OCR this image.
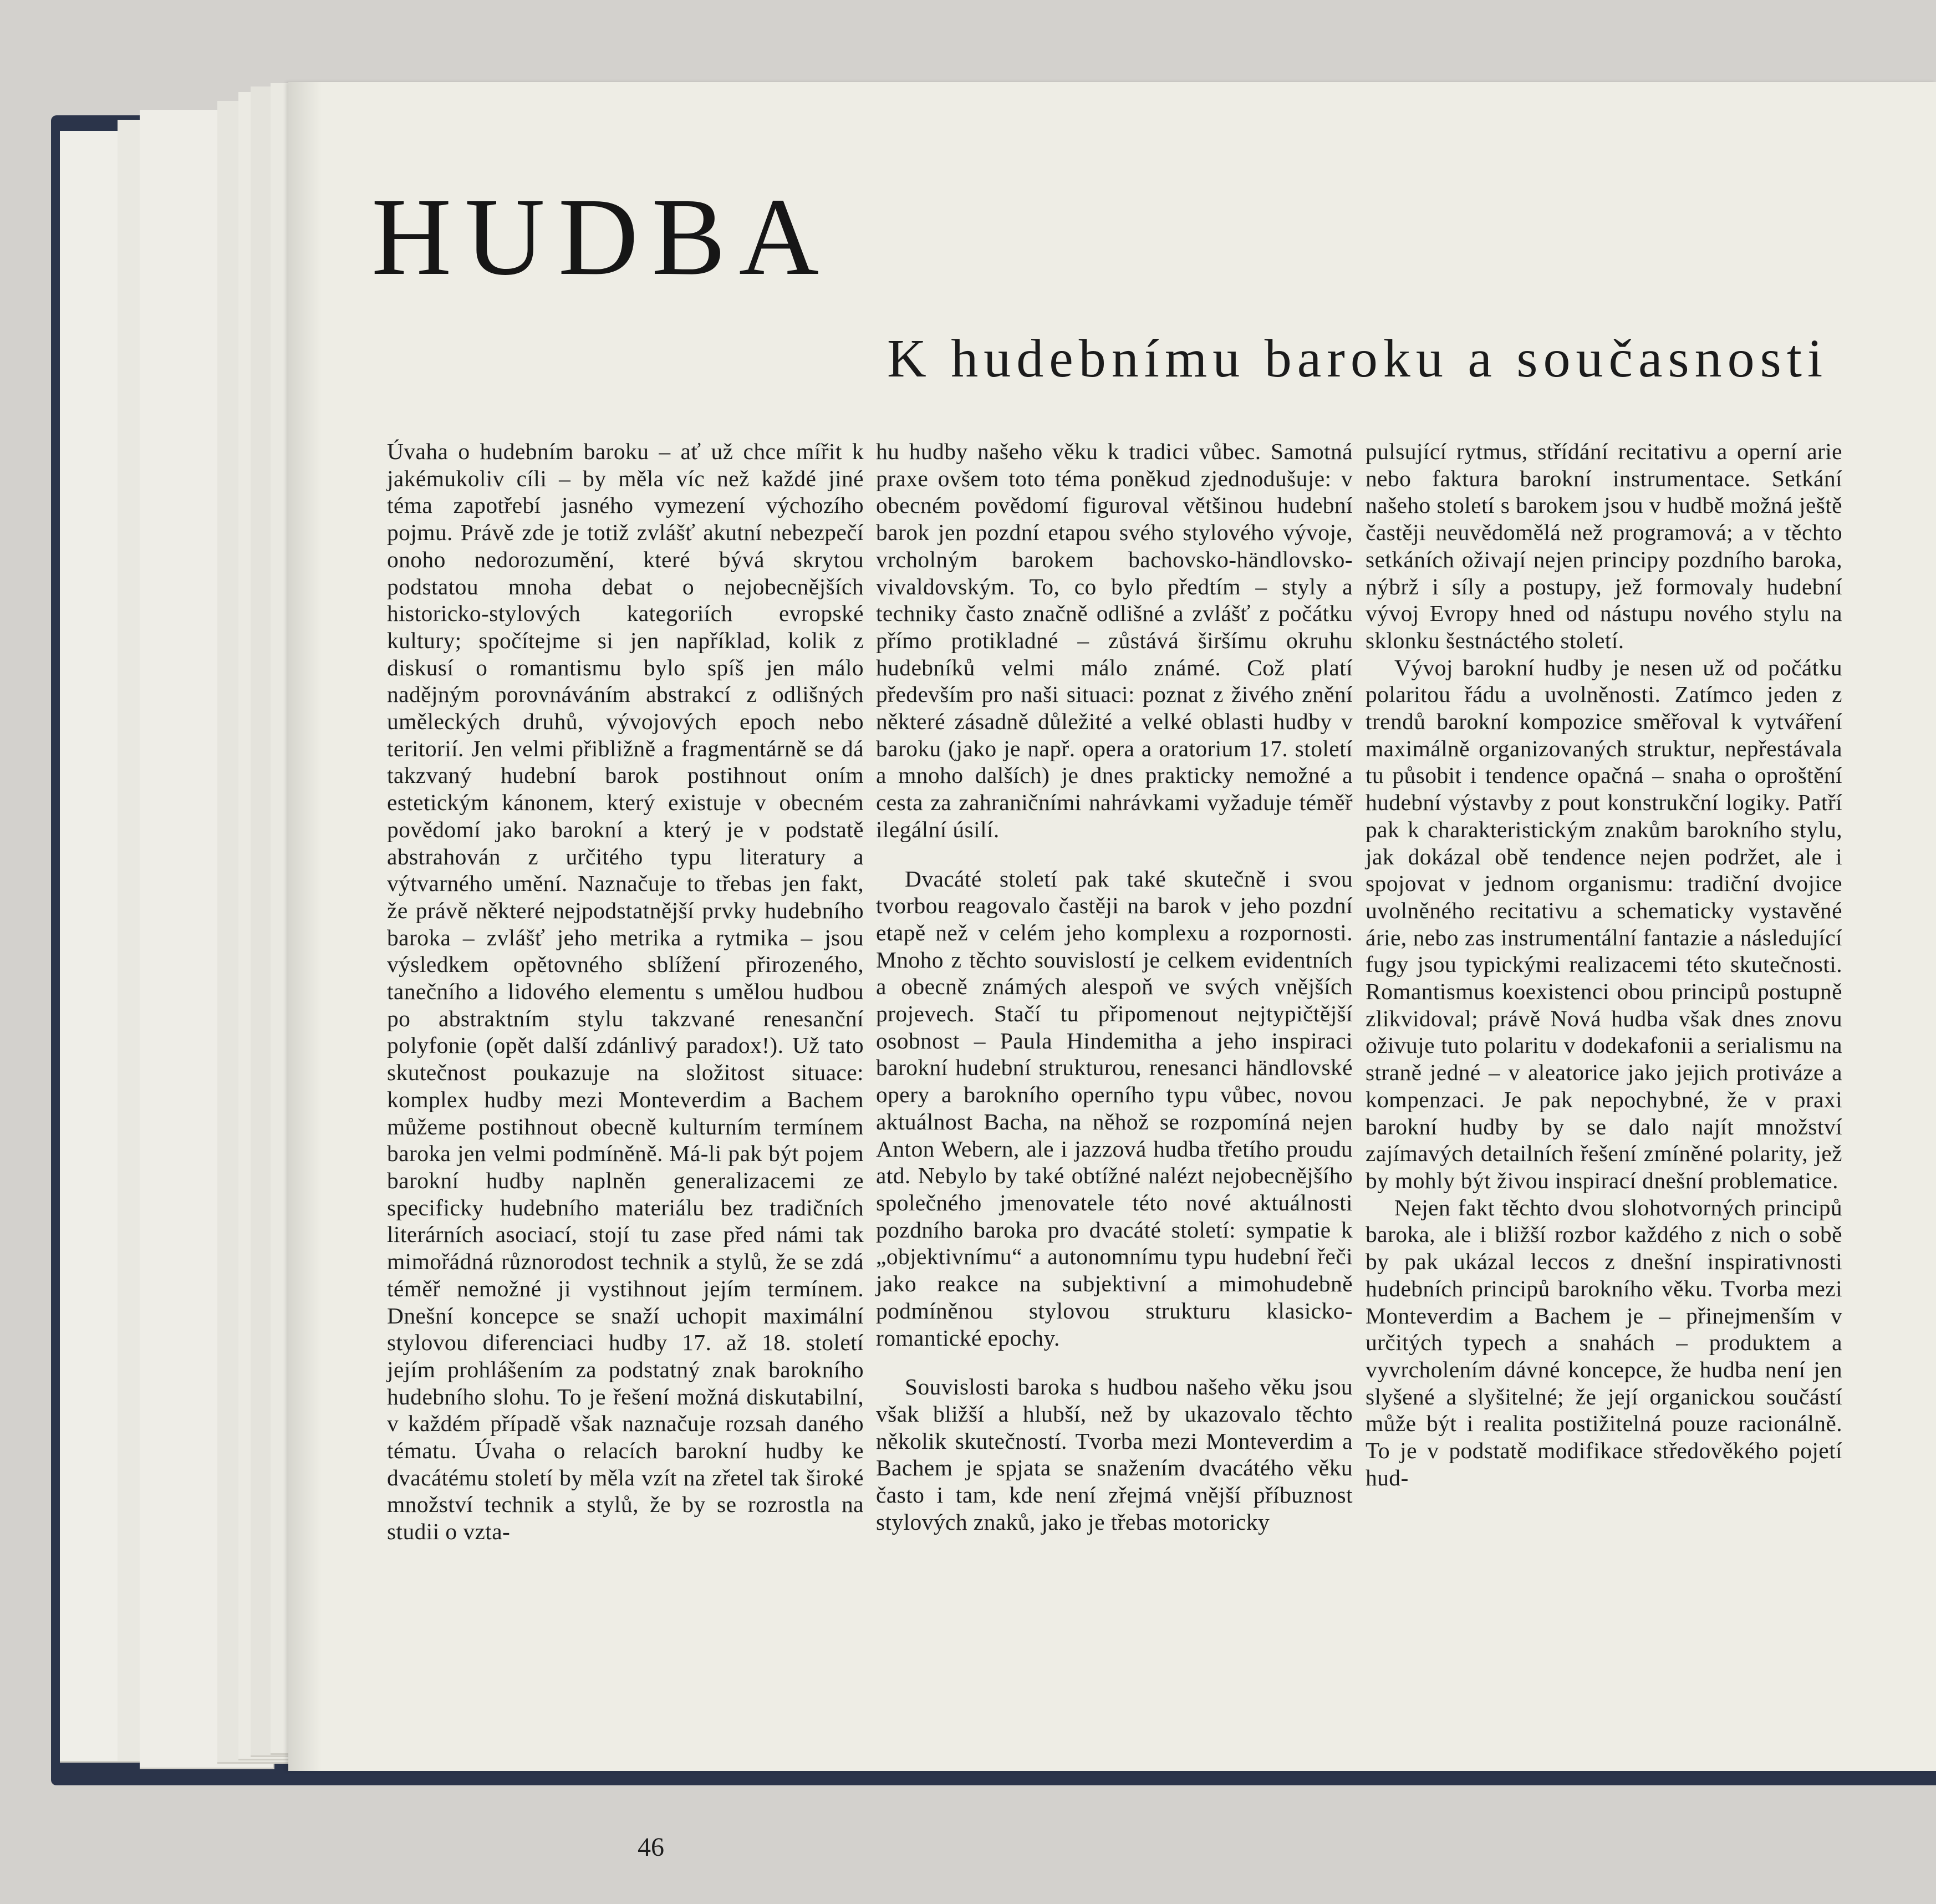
HUDBA
K hudebnímu baroku a současnosti

Úvaha o hudebním baroku – ať už chce mířit k jakémukoliv cíli – by měla víc než každé jiné téma zapotřebí jasného vymezení výchozího pojmu. Právě zde je totiž zvlášť akutní nebezpečí onoho nedorozumění, které bývá skrytou podstatou mnoha debat o nejobecnějších historicko-stylových kategoriích evropské kultury; spočítejme si jen například, kolik z diskusí o romantismu bylo spíš jen málo nadějným porovnáváním abstrakcí z odlišných uměleckých druhů, vývojových epoch nebo teritorií. Jen velmi přibližně a fragmentárně se dá takzvaný hudební barok postihnout oním estetickým kánonem, který existuje v obecném povědomí jako barokní a který je v podstatě abstrahován z určitého typu literatury a výtvarného umění. Naznačuje to třebas jen fakt, že právě některé nejpodstatnější prvky hudebního baroka – zvlášť jeho metrika a rytmika – jsou výsledkem opětovného sblížení přirozeného, tanečního a lidového elementu s umělou hudbou po abstraktním stylu takzvané renesanční polyfonie (opět další zdánlivý paradox!). Už tato skutečnost poukazuje na složitost situace: komplex hudby mezi Monteverdim a Bachem můžeme postihnout obecně kulturním termínem baroka jen velmi podmíněně. Má-li pak být pojem barokní hudby naplněn generalizacemi ze specificky hudebního materiálu bez tradičních literárních asociací, stojí tu zase před námi tak mimořádná různorodost technik a stylů, že se zdá téměř nemožné ji vystihnout jejím termínem. Dnešní koncepce se snaží uchopit maximální stylovou diferenciaci hudby 17. až 18. století jejím prohlášením za podstatný znak barokního hudebního slohu. To je řešení možná diskutabilní, v každém případě však naznačuje rozsah daného tématu. Úvaha o relacích barokní hudby ke dvacátému století by měla vzít na zřetel tak široké množství technik a stylů, že by se rozrostla na studii o vzta-

hu hudby našeho věku k tradici vůbec. Samotná praxe ovšem toto téma poněkud zjednodušuje: v obecném povědomí figuroval většinou hudební barok jen pozdní etapou svého stylového vývoje, vrcholným barokem bachovsko-händlovsko-vivaldovským. To, co bylo předtím – styly a techniky často značně odlišné a zvlášť z počátku přímo protikladné – zůstává širšímu okruhu hudebníků velmi málo známé. Což platí především pro naši situaci: poznat z živého znění některé zásadně důležité a velké oblasti hudby v baroku (jako je např. opera a oratorium 17. století a mnoho dalších) je dnes prakticky nemožné a cesta za zahraničními nahrávkami vyžaduje téměř ilegální úsilí.

Dvacáté století pak také skutečně i svou tvorbou reagovalo častěji na barok v jeho pozdní etapě než v celém jeho komplexu a rozpornosti. Mnoho z těchto souvislostí je celkem evidentních a obecně známých alespoň ve svých vnějších projevech. Stačí tu připomenout nejtypičtější osobnost – Paula Hindemitha a jeho inspiraci barokní hudební strukturou, renesanci händlovské opery a barokního operního typu vůbec, novou aktuálnost Bacha, na něhož se rozpomíná nejen Anton Webern, ale i jazzová hudba třetího proudu atd. Nebylo by také obtížné nalézt nejobecnějšího společného jmenovatele této nové aktuálnosti pozdního baroka pro dvacáté století: sympatie k „objektivnímu“ a autonomnímu typu hudební řeči jako reakce na subjektivní a mimohudebně podmíněnou stylovou strukturu klasicko-romantické epochy.

Souvislosti baroka s hudbou našeho věku jsou však bližší a hlubší, než by ukazovalo těchto několik skutečností. Tvorba mezi Monteverdim a Bachem je spjata se snažením dvacátého věku často i tam, kde není zřejmá vnější příbuznost stylových znaků, jako je třebas motoricky

pulsující rytmus, střídání recitativu a operní arie nebo faktura barokní instrumentace. Setkání našeho století s barokem jsou v hudbě možná ještě častěji neuvědomělá než programová; a v těchto setkáních oživají nejen principy pozdního baroka, nýbrž i síly a postupy, jež formovaly hudební vývoj Evropy hned od nástupu nového stylu na sklonku šestnáctého století.

Vývoj barokní hudby je nesen už od počátku polaritou řádu a uvolněnosti. Zatímco jeden z trendů barokní kompozice směřoval k vytváření maximálně organizovaných struktur, nepřestávala tu působit i tendence opačná – snaha o oproštění hudební výstavby z pout konstrukční logiky. Patří pak k charakteristickým znakům barokního stylu, jak dokázal obě tendence nejen podržet, ale i spojovat v jednom organismu: tradiční dvojice uvolněného recitativu a schematicky vystavěné árie, nebo zas instrumentální fantazie a následující fugy jsou typickými realizacemi této skutečnosti. Romantismus koexistenci obou principů postupně zlikvidoval; právě Nová hudba však dnes znovu oživuje tuto polaritu v dodekafonii a serialismu na straně jedné – v aleatorice jako jejich protiváze a kompenzaci. Je pak nepochybné, že v praxi barokní hudby by se dalo najít množství zajímavých detailních řešení zmíněné polarity, jež by mohly být živou inspirací dnešní problematice.

Nejen fakt těchto dvou slohotvorných principů baroka, ale i bližší rozbor každého z nich o sobě by pak ukázal leccos z dnešní inspirativnosti hudebních principů barokního věku. Tvorba mezi Monteverdim a Bachem je – přinejmenším v určitých typech a snahách – produktem a vyvrcholením dávné koncepce, že hudba není jen slyšené a slyšitelné; že její organickou součástí může být i realita postižitelná pouze racionálně. To je v podstatě modifikace středověkého pojetí hud-

46
